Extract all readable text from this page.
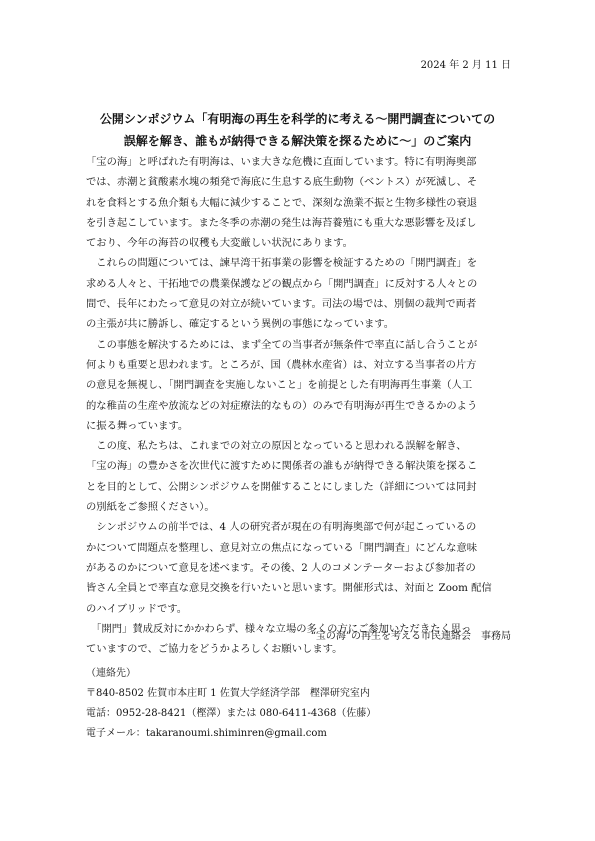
2024 年 2 月 11 日
公開シンポジウム「有明海の再生を科学的に考える～開門調査についての
誤解を解き、誰もが納得できる解決策を探るために～」のご案内
「宝の海」と呼ばれた有明海は、いま大きな危機に直面しています。特に有明海奥部
では、赤潮と貧酸素水塊の頻発で海底に生息する底生動物（ベントス）が死滅し、そ
れを食料とする魚介類も大幅に減少することで、深刻な漁業不振と生物多様性の衰退
を引き起こしています。また冬季の赤潮の発生は海苔養殖にも重大な悪影響を及ぼし
ており、今年の海苔の収穫も大変厳しい状況にあります。
　これらの問題については、諫早湾干拓事業の影響を検証するための「開門調査」を
求める人々と、干拓地での農業保護などの観点から「開門調査」に反対する人々との
間で、長年にわたって意見の対立が続いています。司法の場では、別個の裁判で両者
の主張が共に勝訴し、確定するという異例の事態になっています。
　この事態を解決するためには、まず全ての当事者が無条件で率直に話し合うことが
何よりも重要と思われます。ところが、国（農林水産省）は、対立する当事者の片方
の意見を無視し、「開門調査を実施しないこと」を前提とした有明海再生事業（人工
的な稚苗の生産や放流などの対症療法的なもの）のみで有明海が再生できるかのよう
に振る舞っています。
　この度、私たちは、これまでの対立の原因となっていると思われる誤解を解き、
「宝の海」の豊かさを次世代に渡すために関係者の誰もが納得できる解決策を探るこ
とを目的として、公開シンポジウムを開催することにしました（詳細については同封
の別紙をご参照ください）。
　シンポジウムの前半では、4 人の研究者が現在の有明海奥部で何が起こっているの
かについて問題点を整理し、意見対立の焦点になっている「開門調査」にどんな意味
があるのかについて意見を述べます。その後、2 人のコメンテーターおよび参加者の
皆さん全員とで率直な意見交換を行いたいと思います。開催形式は、対面と Zoom 配信
のハイブリッドです。
　「開門」賛成反対にかかわらず、様々な立場の多くの方にご参加いただきたく思っ
ていますので、ご協力をどうかよろしくお願いします。
“宝の海”の再生を考える市民連絡会　事務局
（連絡先）
〒840-8502 佐賀市本庄町 1 佐賀大学経済学部　樫澤研究室内
電話：0952-28-8421（樫澤）または 080-6411-4368（佐藤）
電子メール：takaranoumi.shiminren@gmail.com
